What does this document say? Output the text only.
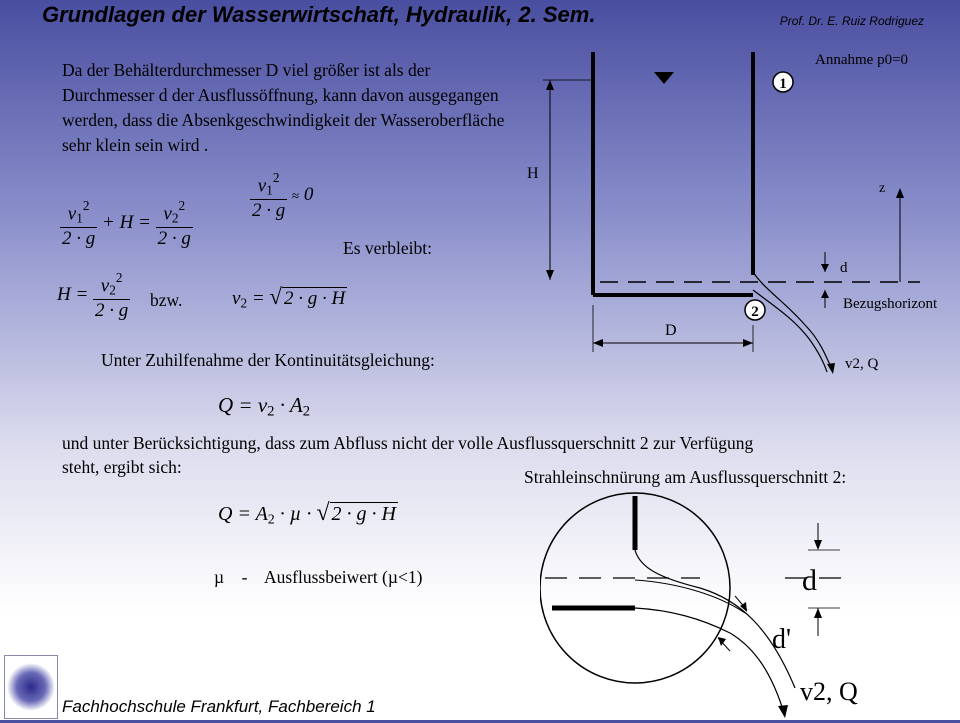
Grundlagen der Wasserwirtschaft, Hydraulik, 2. Sem.	Prof. Dr. E. Ruiz Rodriguez
Da der Behälterdurchmesser D viel größer ist als der Durchmesser d der Ausflussöffnung, kann davon ausgegangen werden, dass die Absenkgeschwindigkeit der Wasseroberfläche sehr klein sein wird .
$\frac{v_1^2}{2 \cdot g} + H = \frac{v_2^2}{2 \cdot g}$
$\frac{v_1^2}{2 \cdot g} \approx 0$
Es verbleibt:
$H = \frac{v_2^2}{2 \cdot g}$ bzw.	$v_2$ = √ 2 · g · H
Unter Zuhilfenahme der Kontinuitätsgleichung:
$Q = v_2 \cdot A_2$
und unter Berücksichtigung, dass zum Abfluss nicht der volle Ausflussquerschnitt 2 zur Verfügung steht, ergibt sich:	Strahleinschnürung am Ausflussquerschnitt 2:
$Q = A_2 \cdot \mu$ · √ 2 · g · H
µ    -    Ausflussbeiwert (µ<1)
1
Annahme p0=0
H
z
d
Bezugshorizont
2
v2, Q
D
d
d'
v2, Q
Fachhochschule Frankfurt, Fachbereich 1
